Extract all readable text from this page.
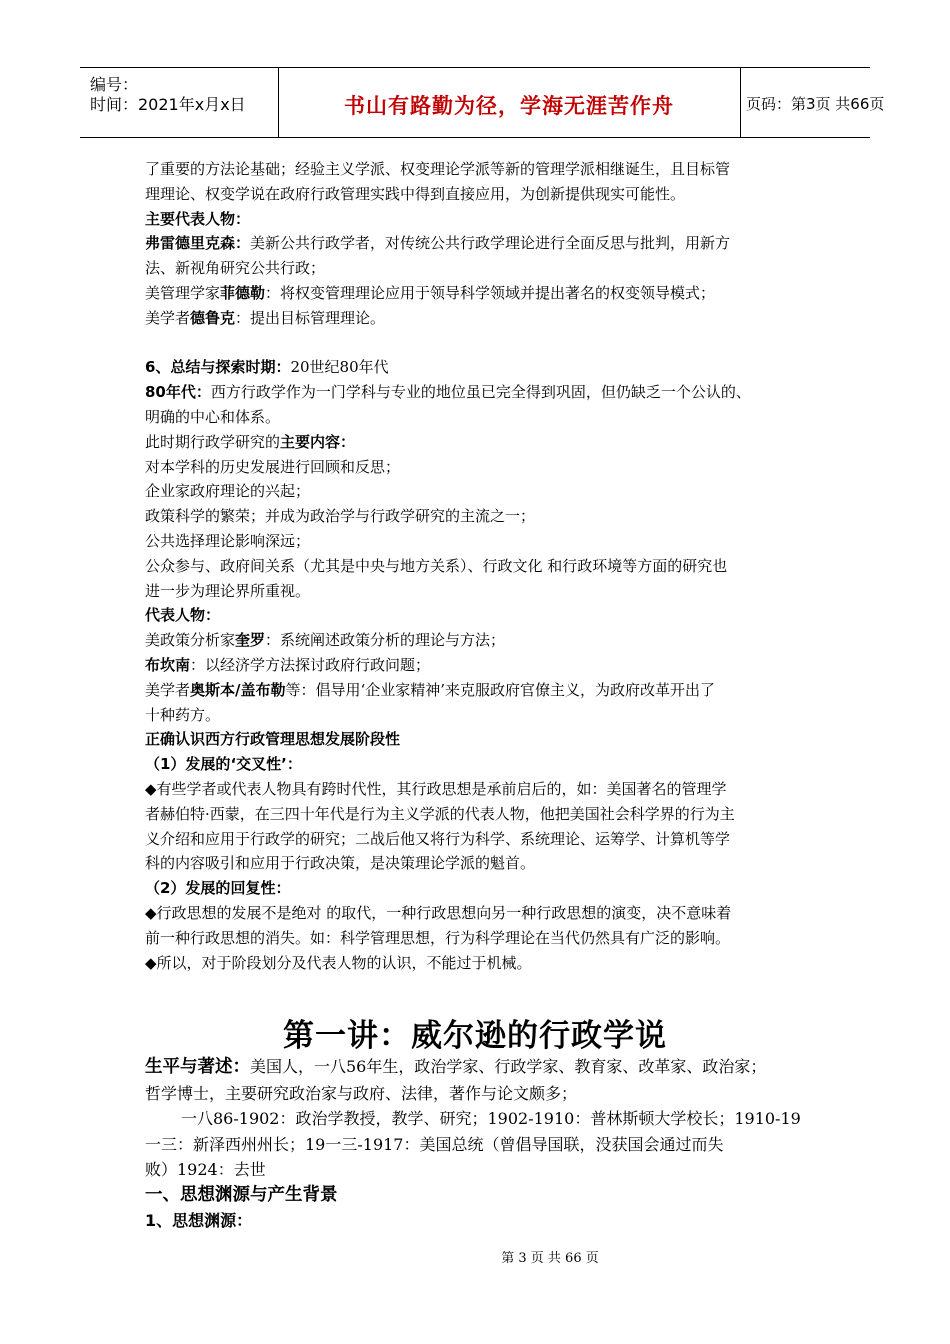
编号：
时间：2021年x月x日	书山有路勤为径，学海无涯苦作舟	页码：第3页 共66页
了重要的方法论基础；经验主义学派、权变理论学派等新的管理学派相继诞生，且目标管
理理论、权变学说在政府行政管理实践中得到直接应用，为创新提供现实可能性。
主要代表人物：
弗雷德里克森：美新公共行政学者，对传统公共行政学理论进行全面反思与批判，用新方
法、新视角研究公共行政；
美管理学家菲德勒：将权变管理理论应用于领导科学领域并提出著名的权变领导模式；
美学者德鲁克：提出目标管理理论。
6、总结与探索时期：20世纪80年代
80年代：西方行政学作为一门学科与专业的地位虽已完全得到巩固，但仍缺乏一个公认的、
明确的中心和体系。
此时期行政学研究的主要内容：
对本学科的历史发展进行回顾和反思；
企业家政府理论的兴起；
政策科学的繁荣；并成为政治学与行政学研究的主流之一；
公共选择理论影响深远；
公众参与、政府间关系（尤其是中央与地方关系）、行政文化 和行政环境等方面的研究也
进一步为理论界所重视。
代表人物：
美政策分析家奎罗：系统阐述政策分析的理论与方法；
布坎南：以经济学方法探讨政府行政问题；
美学者奥斯本/盖布勒等：倡导用‘企业家精神’来克服政府官僚主义，为政府改革开出了
十种药方。
正确认识西方行政管理思想发展阶段性
（1）发展的‘交叉性’：
◆有些学者或代表人物具有跨时代性，其行政思想是承前启后的，如：美国著名的管理学
者赫伯特·西蒙，在三四十年代是行为主义学派的代表人物，他把美国社会科学界的行为主
义介绍和应用于行政学的研究；二战后他又将行为科学、系统理论、运筹学、计算机等学
科的内容吸引和应用于行政决策，是决策理论学派的魁首。
（2）发展的回复性：
◆行政思想的发展不是绝对 的取代，一种行政思想向另一种行政思想的演变，决不意味着
前一种行政思想的消失。如：科学管理思想，行为科学理论在当代仍然具有广泛的影响。
◆所以，对于阶段划分及代表人物的认识，不能过于机械。
第一讲：威尔逊的行政学说
生平与著述：美国人，一八56年生，政治学家、行政学家、教育家、改革家、政治家；
哲学博士，主要研究政治家与政府、法律，著作与论文颇多；
一八86-1902：政治学教授，教学、研究；1902-1910：普林斯顿大学校长；1910-19
一三：新泽西州州长；19一三-1917：美国总统（曾倡导国联，没获国会通过而失
败）1924：去世
一、思想渊源与产生背景
1、思想渊源：
第 3 页 共 66 页
